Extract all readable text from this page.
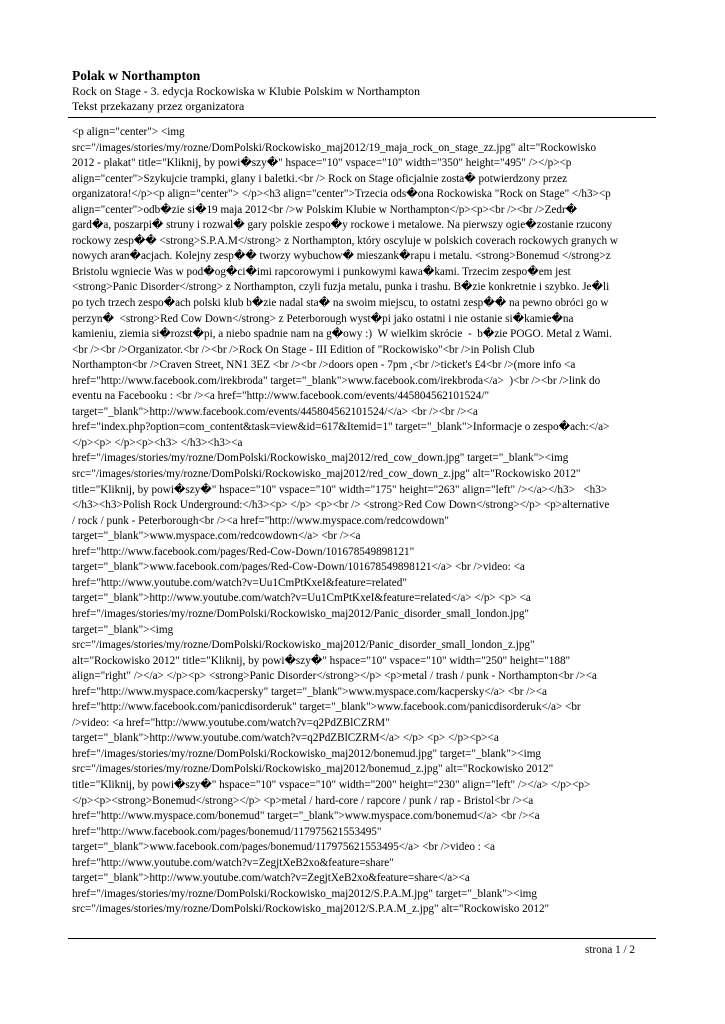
Polak w Northampton

Rock on Stage - 3. edycja Rockowiska w Klubie Polskim w Northampton

Tekst przekazany przez organizatora

<p align="center"> <img
src="/images/stories/my/rozne/DomPolski/Rockowisko_maj2012/19_maja_rock_on_stage_zz.jpg" alt="Rockowisko
2012 - plakat" title="Kliknij, by powi�szy�" hspace="10" vspace="10" width="350" height="495" /></p><p
align="center">Szykujcie trampki, glany i baletki.<br /> Rock on Stage oficjalnie zosta� potwierdzony przez
organizatora!</p><p align="center"> </p><h3 align="center">Trzecia ods�ona Rockowiska "Rock on Stage" </h3><p
align="center">odb�zie si�19 maja 2012<br />w Polskim Klubie w Northampton</p><p><br /><br />Zedr�
gard�a, poszarpi� struny i rozwal� gary polskie zespo�y rockowe i metalowe. Na pierwszy ogie�zostanie rzucony
rockowy zesp�� <strong>S.P.A.M</strong> z Northampton, który oscyluje w polskich coverach rockowych granych w
nowych aran�acjach. Kolejny zesp�� tworzy wybuchow� mieszank�rapu i metalu. <strong>Bonemud </strong>z
Bristolu wgniecie Was w pod�og�ci�imi rapcorowymi i punkowymi kawa�kami. Trzecim zespo�em jest
<strong>Panic Disorder</strong> z Northampton, czyli fuzja metalu, punka i trashu. B�zie konkretnie i szybko. Je�li
po tych trzech zespo�ach polski klub b�zie nadal sta� na swoim miejscu, to ostatni zesp�� na pewno obróci go w
perzyn�  <strong>Red Cow Down</strong> z Peterborough wyst�pi jako ostatni i nie ostanie si�kamie�na
kamieniu, ziemia si�rozst�pi, a niebo spadnie nam na g�owy :)  W wielkim skrócie  -  b�zie POGO. Metal z Wami.
<br /><br />Organizator.<br /><br />Rock On Stage - III Edition of "Rockowisko"<br />in Polish Club
Northampton<br />Craven Street, NN1 3EZ <br /><br />doors open - 7pm ,<br />ticket's £4<br />(more info <a
href="http://www.facebook.com/irekbroda" target="_blank">www.facebook.com/irekbroda</a>  )<br /><br />link do
eventu na Facebooku : <br /><a href="http://www.facebook.com/events/445804562101524/"
target="_blank">http://www.facebook.com/events/445804562101524/</a> <br /><br /><a
href="index.php?option=com_content&task=view&id=617&Itemid=1" target="_blank">Informacje o zespo�ach:</a>
</p><p> </p><p><h3> </h3><h3><a
href="/images/stories/my/rozne/DomPolski/Rockowisko_maj2012/red_cow_down.jpg" target="_blank"><img
src="/images/stories/my/rozne/DomPolski/Rockowisko_maj2012/red_cow_down_z.jpg" alt="Rockowisko 2012"
title="Kliknij, by powi�szy�" hspace="10" vspace="10" width="175" height="263" align="left" /></a></h3>   <h3>
</h3><h3>Polish Rock Underground:</h3><p> </p> <p><br /> <strong>Red Cow Down</strong></p> <p>alternative
/ rock / punk - Peterborough<br /><a href="http://www.myspace.com/redcowdown"
target="_blank">www.myspace.com/redcowdown</a> <br /><a
href="http://www.facebook.com/pages/Red-Cow-Down/101678549898121"
target="_blank">www.facebook.com/pages/Red-Cow-Down/101678549898121</a> <br />video: <a
href="http://www.youtube.com/watch?v=Uu1CmPtKxeI&feature=related"
target="_blank">http://www.youtube.com/watch?v=Uu1CmPtKxeI&feature=related</a> </p> <p> <a
href="/images/stories/my/rozne/DomPolski/Rockowisko_maj2012/Panic_disorder_small_london.jpg"
target="_blank"><img
src="/images/stories/my/rozne/DomPolski/Rockowisko_maj2012/Panic_disorder_small_london_z.jpg"
alt="Rockowisko 2012" title="Kliknij, by powi�szy�" hspace="10" vspace="10" width="250" height="188"
align="right" /></a> </p><p> <strong>Panic Disorder</strong></p> <p>metal / trash / punk - Northampton<br /><a
href="http://www.myspace.com/kacpersky" target="_blank">www.myspace.com/kacpersky</a> <br /><a
href="http://www.facebook.com/panicdisorderuk" target="_blank">www.facebook.com/panicdisorderuk</a> <br
/>video: <a href="http://www.youtube.com/watch?v=q2PdZBlCZRM"
target="_blank">http://www.youtube.com/watch?v=q2PdZBlCZRM</a> </p> <p> </p><p><a
href="/images/stories/my/rozne/DomPolski/Rockowisko_maj2012/bonemud.jpg" target="_blank"><img
src="/images/stories/my/rozne/DomPolski/Rockowisko_maj2012/bonemud_z.jpg" alt="Rockowisko 2012"
title="Kliknij, by powi�szy�" hspace="10" vspace="10" width="200" height="230" align="left" /></a> </p><p>
</p><p><strong>Bonemud</strong></p> <p>metal / hard-core / rapcore / punk / rap - Bristol<br /><a
href="http://www.myspace.com/bonemud" target="_blank">www.myspace.com/bonemud</a> <br /><a
href="http://www.facebook.com/pages/bonemud/117975621553495"
target="_blank">www.facebook.com/pages/bonemud/117975621553495</a> <br />video : <a
href="http://www.youtube.com/watch?v=ZegjtXeB2xo&feature=share"
target="_blank">http://www.youtube.com/watch?v=ZegjtXeB2xo&feature=share</a><a
href="/images/stories/my/rozne/DomPolski/Rockowisko_maj2012/S.P.A.M.jpg" target="_blank"><img
src="/images/stories/my/rozne/DomPolski/Rockowisko_maj2012/S.P.A.M_z.jpg" alt="Rockowisko 2012"
strona 1 / 2
